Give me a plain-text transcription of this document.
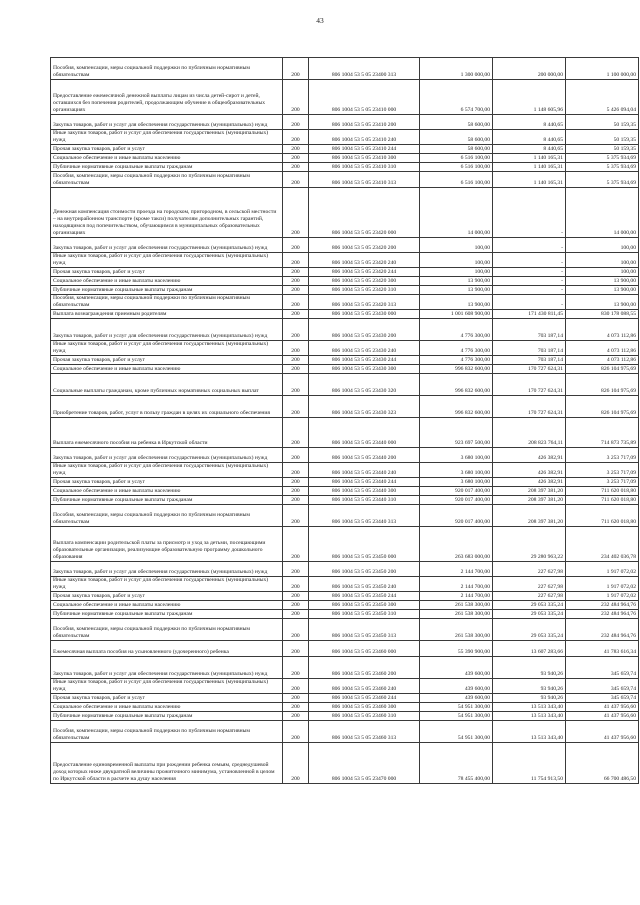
43
Пособия, компенсации, меры социальной поддержки по публичным нормативным обязательствам	200	806 1004 53 5 05 23400 313	1 300 000,00	200 000,00	1 100 000,00
Предоставление ежемесячной денежной выплаты лицам из числа детей-сирот и детей, оставшихся без попечения родителей, продолжающим обучение в общеобразовательных организациях	200	806 1004 53 5 05 23410 000	6 574 700,00	1 148 605,96	5 426 094,04
Закупка товаров, работ и услуг для обеспечения государственных (муниципальных) нужд	200	806 1004 53 5 05 23410 200	58 600,00	8 440,65	50 159,35
Иные закупки товаров, работ и услуг для обеспечения государственных (муниципальных) нужд	200	806 1004 53 5 05 23410 240	58 600,00	8 440,65	50 159,35
Прочая закупка товаров, работ и услуг	200	806 1004 53 5 05 23410 244	58 600,00	8 440,65	50 159,35
Социальное обеспечение и иные выплаты населению	200	806 1004 53 5 05 23410 300	6 516 100,00	1 140 165,31	5 375 934,69
Публичные нормативные социальные выплаты гражданам	200	806 1004 53 5 05 23410 310	6 516 100,00	1 140 165,31	5 375 934,69
Пособия, компенсации, меры социальной поддержки по публичным нормативным обязательствам	200	806 1004 53 5 05 23410 313	6 516 100,00	1 140 165,31	5 375 934,69
Денежная компенсация стоимости проезда на городском, пригородном, в сельской местности – на внутрирайонном транспорте (кроме такси) получателям дополнительных гарантий, находящимся под попечительством, обучающимся в муниципальных образовательных организациях	200	806 1004 53 5 05 23420 000	14 000,00	-	14 000,00
Закупка товаров, работ и услуг для обеспечения государственных (муниципальных) нужд	200	806 1004 53 5 05 23420 200	100,00	-	100,00
Иные закупки товаров, работ и услуг для обеспечения государственных (муниципальных) нужд	200	806 1004 53 5 05 23420 240	100,00	-	100,00
Прочая закупка товаров, работ и услуг	200	806 1004 53 5 05 23420 244	100,00	-	100,00
Социальное обеспечение и иные выплаты населению	200	806 1004 53 5 05 23420 300	13 900,00	-	13 900,00
Публичные нормативные социальные выплаты гражданам	200	806 1004 53 5 05 23420 310	13 900,00	-	13 900,00
Пособия, компенсации, меры социальной поддержки по публичным нормативным обязательствам	200	806 1004 53 5 05 23420 313	13 900,00	-	13 900,00
Выплата вознаграждения приемным родителям	200	806 1004 53 5 05 23430 000	1 001 608 900,00	171 430 811,45	830 178 088,55
Закупка товаров, работ и услуг для обеспечения государственных (муниципальных) нужд	200	806 1004 53 5 05 23430 200	4 776 300,00	703 187,14	4 073 112,86
Иные закупки товаров, работ и услуг для обеспечения государственных (муниципальных) нужд	200	806 1004 53 5 05 23430 240	4 776 300,00	703 187,14	4 073 112,86
Прочая закупка товаров, работ и услуг	200	806 1004 53 5 05 23430 244	4 776 300,00	703 187,14	4 073 112,86
Социальное обеспечение и иные выплаты населению	200	806 1004 53 5 05 23430 300	996 832 600,00	170 727 624,31	826 104 975,69
Социальные выплаты гражданам, кроме публичных нормативных социальных выплат	200	806 1004 53 5 05 23430 320	996 832 600,00	170 727 624,31	826 104 975,69
Приобретение товаров, работ, услуг в пользу граждан в целях их социального обеспечения	200	806 1004 53 5 05 23430 323	996 832 600,00	170 727 624,31	826 104 975,69
Выплата ежемесячного пособия на ребенка в Иркутской области	200	806 1004 53 5 05 23440 000	923 697 500,00	208 823 764,11	714 873 735,89
Закупка товаров, работ и услуг для обеспечения государственных (муниципальных) нужд	200	806 1004 53 5 05 23440 200	3 680 100,00	426 382,91	3 253 717,09
Иные закупки товаров, работ и услуг для обеспечения государственных (муниципальных) нужд	200	806 1004 53 5 05 23440 240	3 680 100,00	426 382,91	3 253 717,09
Прочая закупка товаров, работ и услуг	200	806 1004 53 5 05 23440 244	3 680 100,00	426 382,91	3 253 717,09
Социальное обеспечение и иные выплаты населению	200	806 1004 53 5 05 23440 300	920 017 400,00	208 397 381,20	711 620 018,80
Публичные нормативные социальные выплаты гражданам	200	806 1004 53 5 05 23440 310	920 017 400,00	208 397 381,20	711 620 018,80
Пособия, компенсации, меры социальной поддержки по публичным нормативным обязательствам	200	806 1004 53 5 05 23440 313	920 017 400,00	208 397 381,20	711 620 018,80
Выплата компенсации родительской платы за присмотр и уход за детьми, посещающими образовательные организации, реализующие образовательную программу дошкольного образования	200	806 1004 53 5 05 23450 000	263 683 000,00	29 280 963,22	234 402 036,78
Закупка товаров, работ и услуг для обеспечения государственных (муниципальных) нужд	200	806 1004 53 5 05 23450 200	2 144 700,00	227 627,98	1 917 072,02
Иные закупки товаров, работ и услуг для обеспечения государственных (муниципальных) нужд	200	806 1004 53 5 05 23450 240	2 144 700,00	227 627,98	1 917 072,02
Прочая закупка товаров, работ и услуг	200	806 1004 53 5 05 23450 244	2 144 700,00	227 627,98	1 917 072,02
Социальное обеспечение и иные выплаты населению	200	806 1004 53 5 05 23450 300	261 538 300,00	29 053 335,24	232 484 964,76
Публичные нормативные социальные выплаты гражданам	200	806 1004 53 5 05 23450 310	261 538 300,00	29 053 335,24	232 484 964,76
Пособия, компенсации, меры социальной поддержки по публичным нормативным обязательствам	200	806 1004 53 5 05 23450 313	261 538 300,00	29 053 335,24	232 484 964,76
Ежемесячная выплата пособия на усыновленного (удочеренного) ребенка	200	806 1004 53 5 05 23460 000	55 390 900,00	13 607 283,66	41 783 616,34
Закупка товаров, работ и услуг для обеспечения государственных (муниципальных) нужд	200	806 1004 53 5 05 23460 200	439 600,00	93 940,26	345 659,74
Иные закупки товаров, работ и услуг для обеспечения государственных (муниципальных) нужд	200	806 1004 53 5 05 23460 240	439 600,00	93 940,26	345 659,74
Прочая закупка товаров, работ и услуг	200	806 1004 53 5 05 23460 244	439 600,00	93 940,26	345 659,74
Социальное обеспечение и иные выплаты населению	200	806 1004 53 5 05 23460 300	54 951 300,00	13 513 343,40	41 437 956,60
Публичные нормативные социальные выплаты гражданам	200	806 1004 53 5 05 23460 310	54 951 300,00	13 513 343,40	41 437 956,60
Пособия, компенсации, меры социальной поддержки по публичным нормативным обязательствам	200	806 1004 53 5 05 23460 313	54 951 300,00	13 513 343,40	41 437 956,60
Предоставление единовременной выплаты при рождении ребенка семьям, среднедушевой доход которых ниже двукратной величины прожиточного минимума, установленной в целом по Иркутской области в расчете на душу населения	200	806 1004 53 5 05 23470 000	78 455 400,00	11 754 913,50	66 700 486,50
